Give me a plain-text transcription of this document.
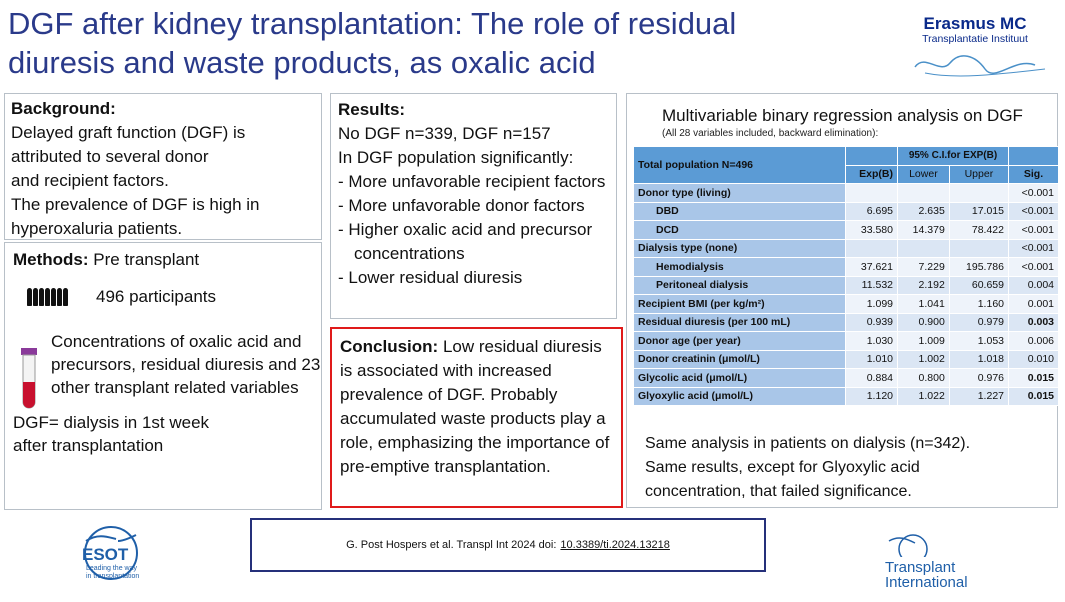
DGF after kidney transplantation: The role of residual diuresis and waste products, as oxalic acid
Erasmus MC
Transplantatie Instituut
Background:
Delayed graft function (DGF) is
attributed to several donor
and recipient factors.
The prevalence of DGF is high in
hyperoxaluria patients.
Methods: Pre transplant
496 participants
Concentrations of oxalic acid and precursors, residual diuresis and 23 other transplant related variables
DGF= dialysis in 1st week
after transplantation
Results:
No DGF n=339, DGF n=157
In DGF population significantly:
- More unfavorable recipient factors
- More unfavorable donor factors
- Higher oxalic acid and precursor concentrations
- Lower residual diuresis
Conclusion: Low residual diuresis is associated with increased prevalence of DGF. Probably accumulated waste products play a role, emphasizing the importance of pre-emptive transplantation.
Multivariable binary regression analysis on DGF
(All 28 variables included, backward elimination):
Total population N=496		95% C.I.for EXP(B)		
	Exp(B)	Lower	Upper	Sig.
Donor type (living)				<0.001
DBD	6.695	2.635	17.015	<0.001
DCD	33.580	14.379	78.422	<0.001
Dialysis type (none)				<0.001
Hemodialysis	37.621	7.229	195.786	<0.001
Peritoneal dialysis	11.532	2.192	60.659	0.004
Recipient BMI (per kg/m²)	1.099	1.041	1.160	0.001
Residual diuresis (per 100 mL)	0.939	0.900	0.979	0.003
Donor age (per year)	1.030	1.009	1.053	0.006
Donor creatinin (μmol/L)	1.010	1.002	1.018	0.010
Glycolic acid (μmol/L)	0.884	0.800	0.976	0.015
Glyoxylic acid (μmol/L)	1.120	1.022	1.227	0.015
Same analysis in patients on dialysis (n=342).
Same results, except for Glyoxylic acid
concentration, that failed significance.
G. Post Hospers et al. Transpl Int 2024 doi: 10.3389/ti.2024.13218
ESOT
Leading the way
in transplantation
Transplant
International
